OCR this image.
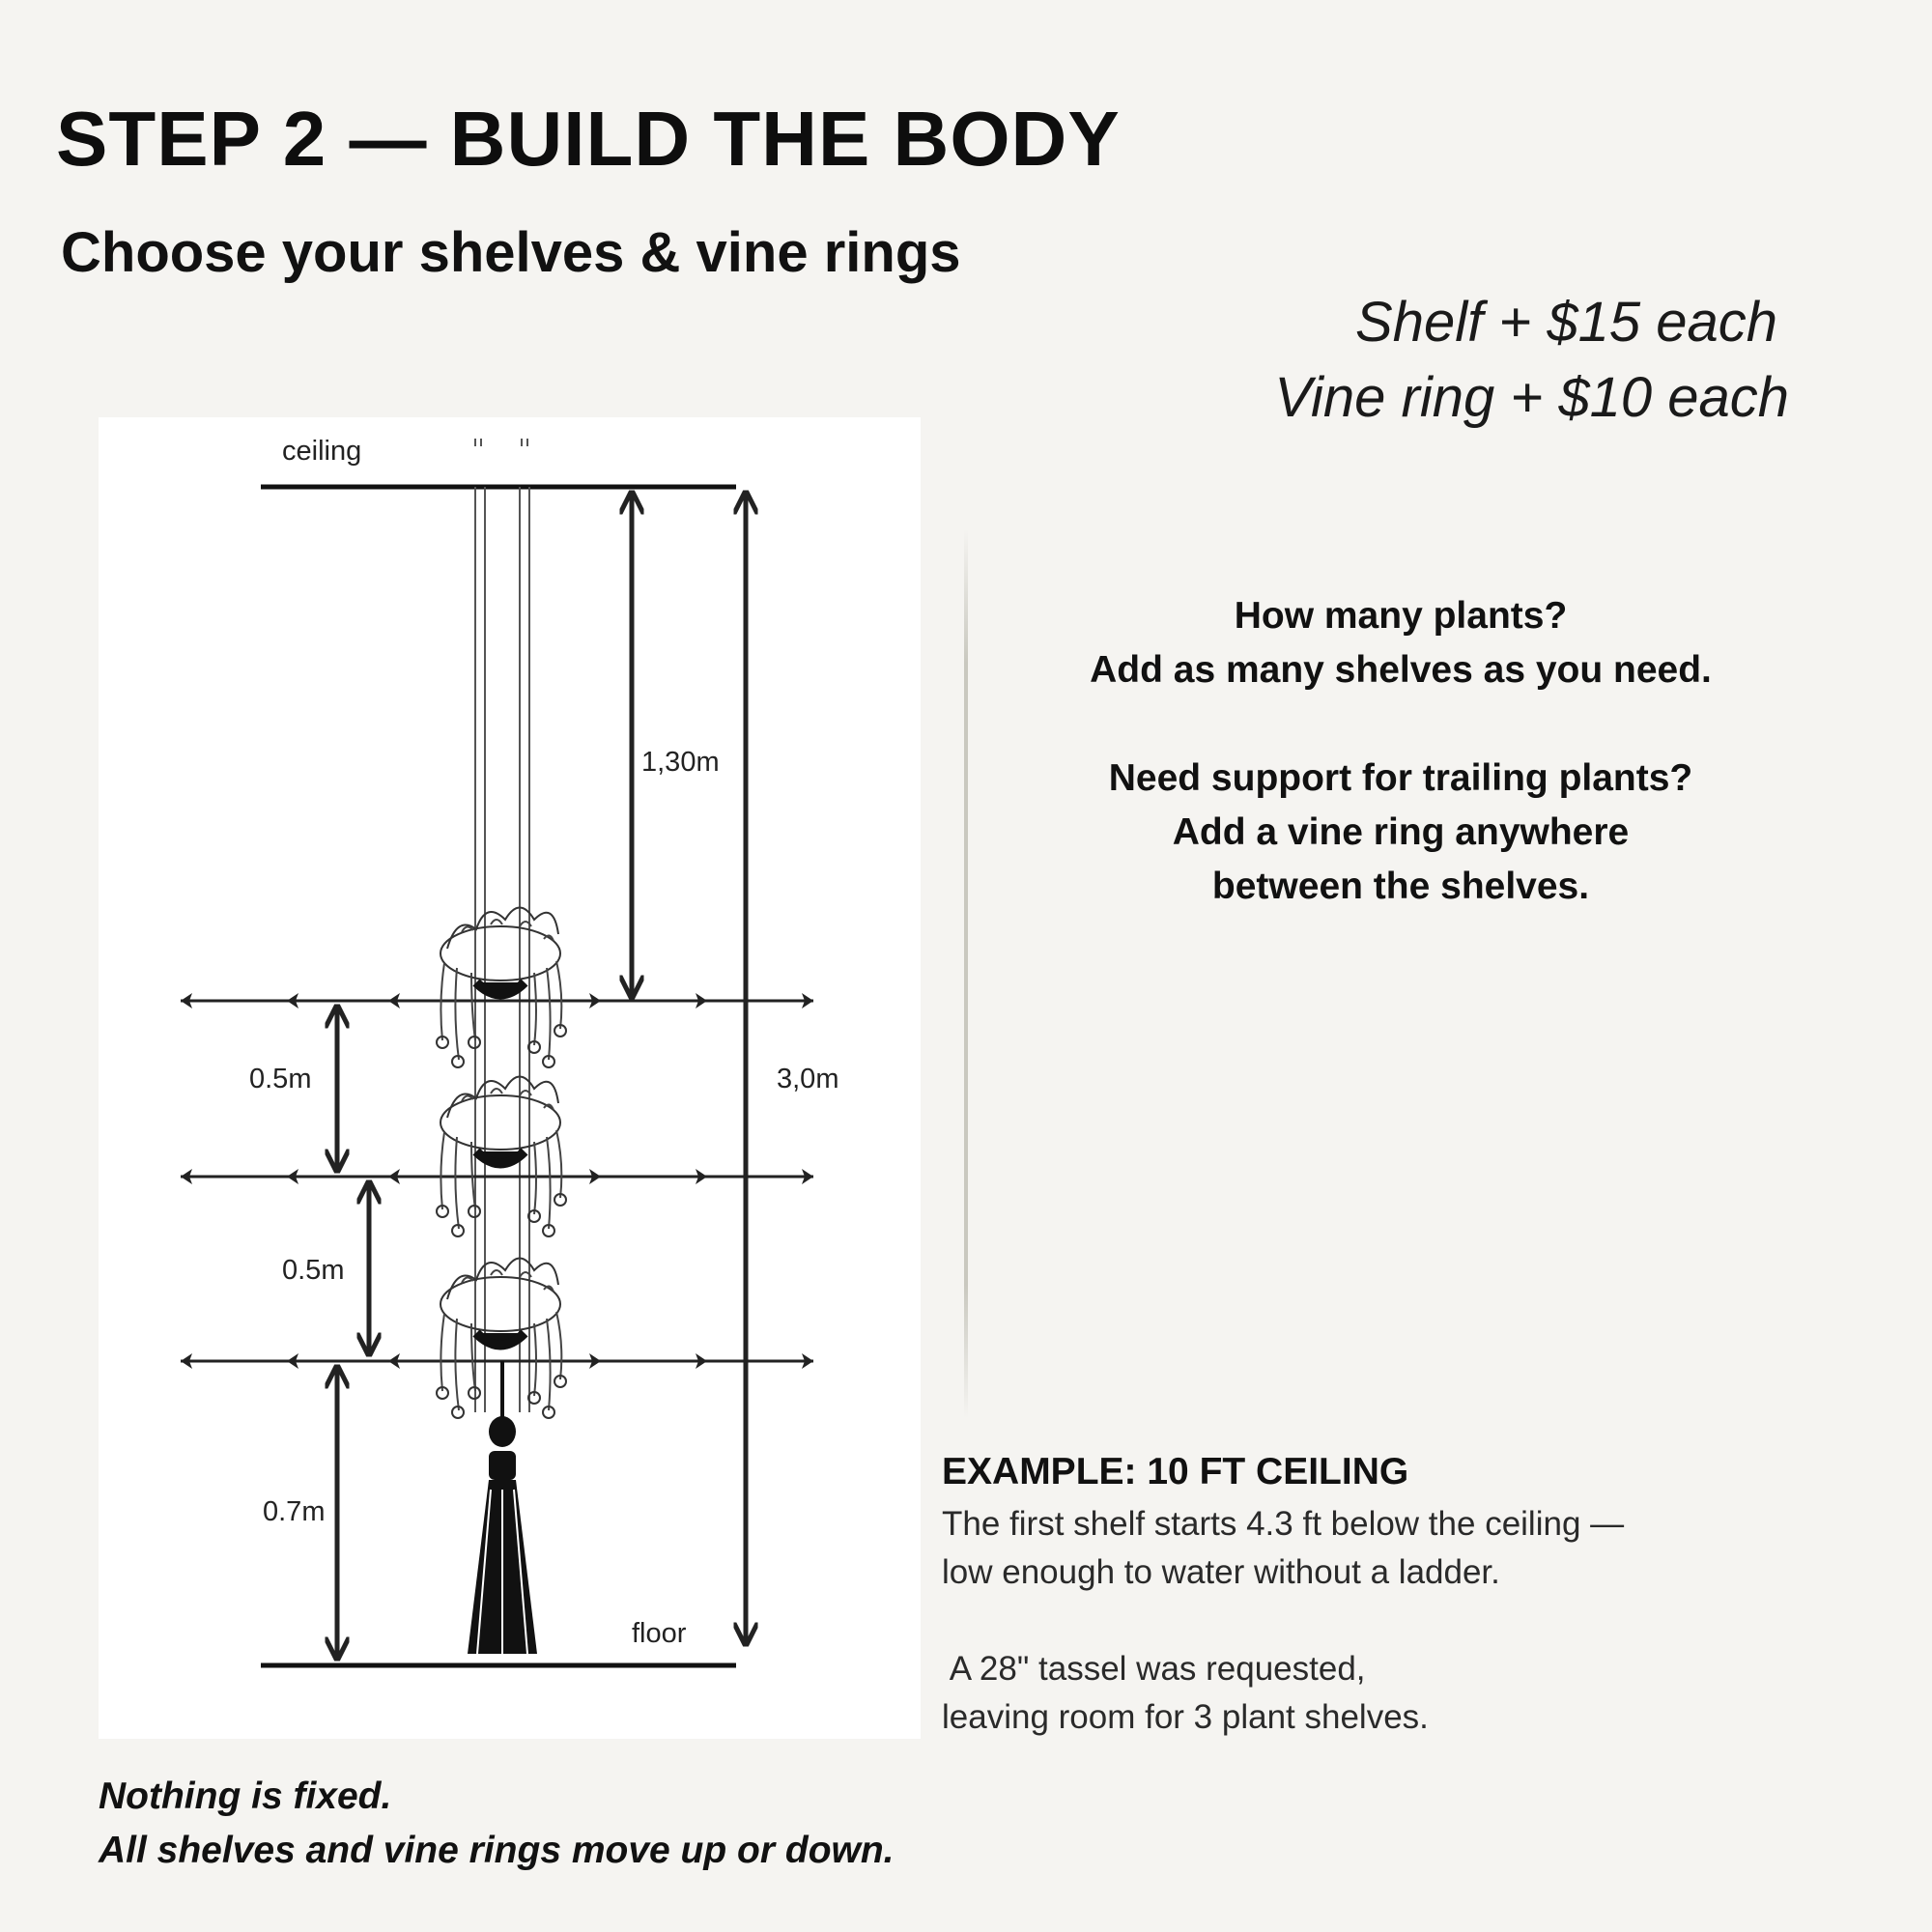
STEP 2 — BUILD THE BODY
Choose your shelves & vine rings
Shelf + $15 each
Vine ring + $10 each
ceiling
floor
1,30m
3,0m
0.5m
0.5m
0.7m

How many plants?

Add as many shelves as you need.

Need support for trailing plants?

Add a vine ring anywhere

between the shelves.

EXAMPLE: 10 FT CEILING
The first shelf starts 4.3 ft below the ceiling —
low enough to water without a ladder.
A 28" tassel was requested,
leaving room for 3 plant shelves.
Nothing is fixed.
All shelves and vine rings move up or down.
